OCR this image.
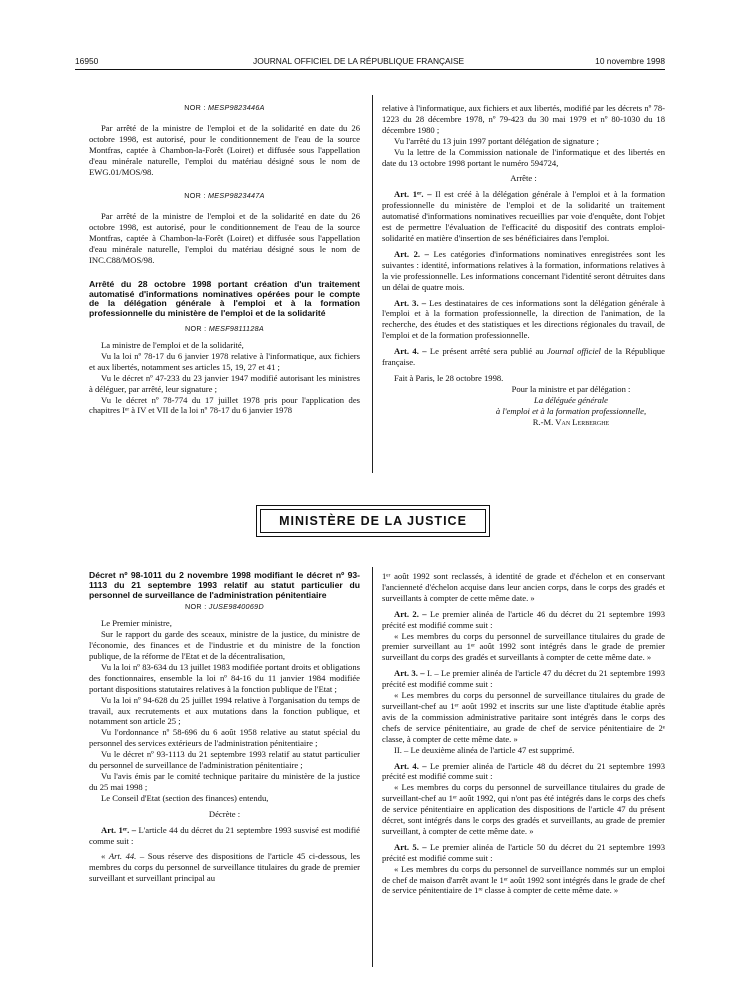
16950	JOURNAL OFFICIEL DE LA RÉPUBLIQUE FRANÇAISE	10 novembre 1998

NOR : MESP9823446A

Par arrêté de la ministre de l'emploi et de la solidarité en date du 26 octobre 1998, est autorisé, pour le conditionnement de l'eau de la source Montfras, captée à Chambon-la-Forêt (Loiret) et diffusée sous l'appellation d'eau minérale naturelle, l'emploi du matériau désigné sous le nom de EWG.01/MOS/98.

NOR : MESP9823447A

Par arrêté de la ministre de l'emploi et de la solidarité en date du 26 octobre 1998, est autorisé, pour le conditionnement de l'eau de la source Montfras, captée à Chambon-la-Forêt (Loiret) et diffusée sous l'appellation d'eau minérale naturelle, l'emploi du matériau désigné sous le nom de INC.C88/MOS/98.

Arrêté du 28 octobre 1998 portant création d'un traitement automatisé d'informations nominatives opérées pour le compte de la délégation générale à l'emploi et à la formation professionnelle du ministère de l'emploi et de la solidarité

NOR : MESF9811128A

La ministre de l'emploi et de la solidarité,

Vu la loi nº 78-17 du 6 janvier 1978 relative à l'informatique, aux fichiers et aux libertés, notamment ses articles 15, 19, 27 et 41 ;

Vu le décret nº 47-233 du 23 janvier 1947 modifié autorisant les ministres à déléguer, par arrêté, leur signature ;

Vu le décret nº 78-774 du 17 juillet 1978 pris pour l'application des chapitres Iᵉʳ à IV et VII de la loi nº 78-17 du 6 janvier 1978

relative à l'informatique, aux fichiers et aux libertés, modifié par les décrets nº 78-1223 du 28 décembre 1978, nº 79-423 du 30 mai 1979 et nº 80-1030 du 18 décembre 1980 ;

Vu l'arrêté du 13 juin 1997 portant délégation de signature ;

Vu la lettre de la Commission nationale de l'informatique et des libertés en date du 13 octobre 1998 portant le numéro 594724,

Arrête :

Art. 1ᵉʳ. – Il est créé à la délégation générale à l'emploi et à la formation professionnelle du ministère de l'emploi et de la solidarité un traitement automatisé d'informations nominatives recueillies par voie d'enquête, dont l'objet est de permettre l'évaluation de l'efficacité du dispositif des contrats emploi-solidarité en matière d'insertion de ses bénéficiaires dans l'emploi.

Art. 2. – Les catégories d'informations nominatives enregistrées sont les suivantes : identité, informations relatives à la formation, informations relatives à la vie professionnelle. Les informations concernant l'identité seront détruites dans un délai de quatre mois.

Art. 3. – Les destinataires de ces informations sont la délégation générale à l'emploi et à la formation professionnelle, la direction de l'animation, de la recherche, des études et des statistiques et les directions régionales du travail, de l'emploi et de la formation professionnelle.

Art. 4. – Le présent arrêté sera publié au Journal officiel de la République française.

Fait à Paris, le 28 octobre 1998.

Pour la ministre et par délégation :

La déléguée générale

à l'emploi et à la formation professionnelle,

R.-M. Van Lerberghe

MINISTÈRE DE LA JUSTICE

Décret nº 98-1011 du 2 novembre 1998 modifiant le décret nº 93-1113 du 21 septembre 1993 relatif au statut particulier du personnel de surveillance de l'administration pénitentiaire

NOR : JUSE9840069D

Le Premier ministre,

Sur le rapport du garde des sceaux, ministre de la justice, du ministre de l'économie, des finances et de l'industrie et du ministre de la fonction publique, de la réforme de l'Etat et de la décentralisation,

Vu la loi nº 83-634 du 13 juillet 1983 modifiée portant droits et obligations des fonctionnaires, ensemble la loi nº 84-16 du 11 janvier 1984 modifiée portant dispositions statutaires relatives à la fonction publique de l'Etat ;

Vu la loi nº 94-628 du 25 juillet 1994 relative à l'organisation du temps de travail, aux recrutements et aux mutations dans la fonction publique, et notamment son article 25 ;

Vu l'ordonnance nº 58-696 du 6 août 1958 relative au statut spécial du personnel des services extérieurs de l'administration pénitentiaire ;

Vu le décret nº 93-1113 du 21 septembre 1993 relatif au statut particulier du personnel de surveillance de l'administration pénitentiaire ;

Vu l'avis émis par le comité technique paritaire du ministère de la justice du 25 mai 1998 ;

Le Conseil d'Etat (section des finances) entendu,

Décrète :

Art. 1ᵉʳ. – L'article 44 du décret du 21 septembre 1993 susvisé est modifié comme suit :

« Art. 44. – Sous réserve des dispositions de l'article 45 ci-dessous, les membres du corps du personnel de surveillance titulaires du grade de premier surveillant et surveillant principal au

1ᵉʳ août 1992 sont reclassés, à identité de grade et d'échelon et en conservant l'ancienneté d'échelon acquise dans leur ancien corps, dans le corps des gradés et surveillants à compter de cette même date. »

Art. 2. – Le premier alinéa de l'article 46 du décret du 21 septembre 1993 précité est modifié comme suit :

« Les membres du corps du personnel de surveillance titulaires du grade de premier surveillant au 1ᵉʳ août 1992 sont intégrés dans le grade de premier surveillant du corps des gradés et surveillants à compter de cette même date. »

Art. 3. – I. – Le premier alinéa de l'article 47 du décret du 21 septembre 1993 précité est modifié comme suit :

« Les membres du corps du personnel de surveillance titulaires du grade de surveillant-chef au 1ᵉʳ août 1992 et inscrits sur une liste d'aptitude établie après avis de la commission administrative paritaire sont intégrés dans le corps des chefs de service pénitentiaire, au grade de chef de service pénitentiaire de 2ᵉ classe, à compter de cette même date. »

II. – Le deuxième alinéa de l'article 47 est supprimé.

Art. 4. – Le premier alinéa de l'article 48 du décret du 21 septembre 1993 précité est modifié comme suit :

« Les membres du corps du personnel de surveillance titulaires du grade de surveillant-chef au 1ᵉʳ août 1992, qui n'ont pas été intégrés dans le corps des chefs de service pénitentiaire en application des dispositions de l'article 47 du présent décret, sont intégrés dans le corps des gradés et surveillants, au grade de premier surveillant, à compter de cette même date. »

Art. 5. – Le premier alinéa de l'article 50 du décret du 21 septembre 1993 précité est modifié comme suit :

« Les membres du corps du personnel de surveillance nommés sur un emploi de chef de maison d'arrêt avant le 1ᵉʳ août 1992 sont intégrés dans le grade de chef de service pénitentiaire de 1ʳᵉ classe à compter de cette même date. »
